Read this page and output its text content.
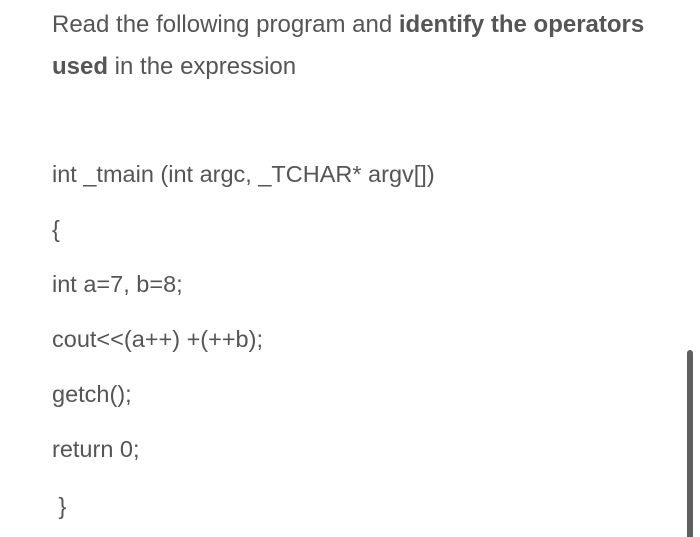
Read the following program and identify the operators used in the expression

int _tmain (int argc, _TCHAR* argv[])

{

int a=7, b=8;

cout<<(a++) +(++b);

getch();

return 0;

}
